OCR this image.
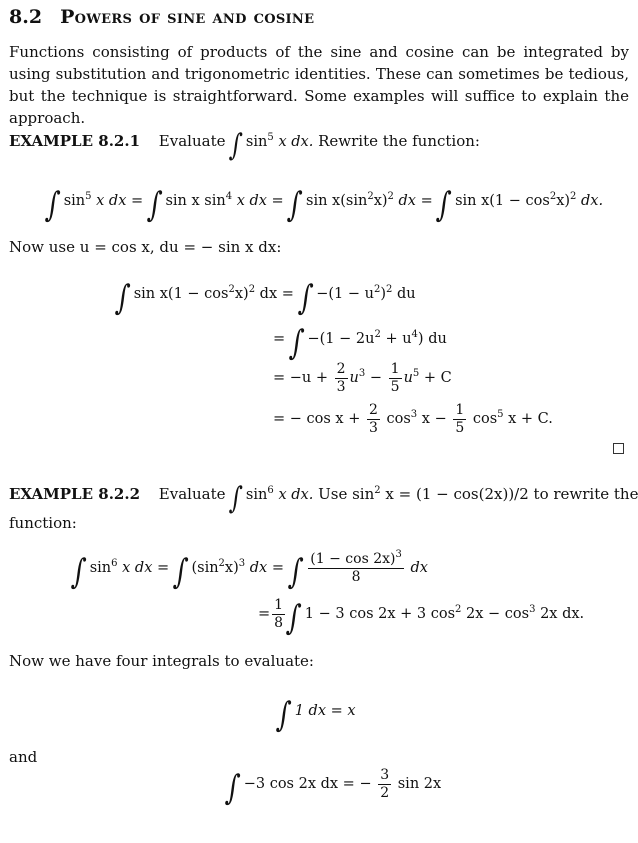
8.2 Powers of sine and cosine
Functions consisting of products of the sine and cosine can be integrated by using substitution and trigonometric identities. These can sometimes be tedious, but the technique is straightforward. Some examples will suffice to explain the approach.
EXAMPLE 8.2.1 Evaluate ∫ $\sin^5 x$ dx. Rewrite the function:
∫ $\sin^5 x$ dx = ∫ sin x $\sin^4 x$ dx = ∫ $\sin x(\sin^2x)^2$ dx = ∫ $\sin x(1 - \cos^2x)^2$ dx.
Now use u = cos x, du = − sin x dx:
∫ $\sin x(1 - \cos^2x)^2$ dx = ∫ $-(1 - u^2)^2$ du
= ∫ $-(1 - 2u^2 + u^4)$ du
= $-u + \frac{2}{3} u^3 - \frac{1}{5} u^5 + C$
= − $\cos x + \frac{2}{3} \cos^3 x - \frac{1}{5} \cos^5 x + C$.
EXAMPLE 8.2.2 Evaluate ∫ $\sin^6 x$ dx. Use $\sin^2 x = (1 - \cos(2x))/2$ to rewrite the
function:
∫ $\sin^6 x$ dx = ∫ $(\sin^2x)^3$ dx = ∫ $\frac{(1 - \cos 2x)^3}{8}$ dx
= $\frac{1}{8}$ ∫ 1 − 3 cos 2x + 3 $\cos^2 2x - \cos^3 2x$ dx.
Now we have four integrals to evaluate:
∫ 1 dx = x
and
∫ −3 cos 2x dx = − $\frac{3}{2}$ sin 2x
